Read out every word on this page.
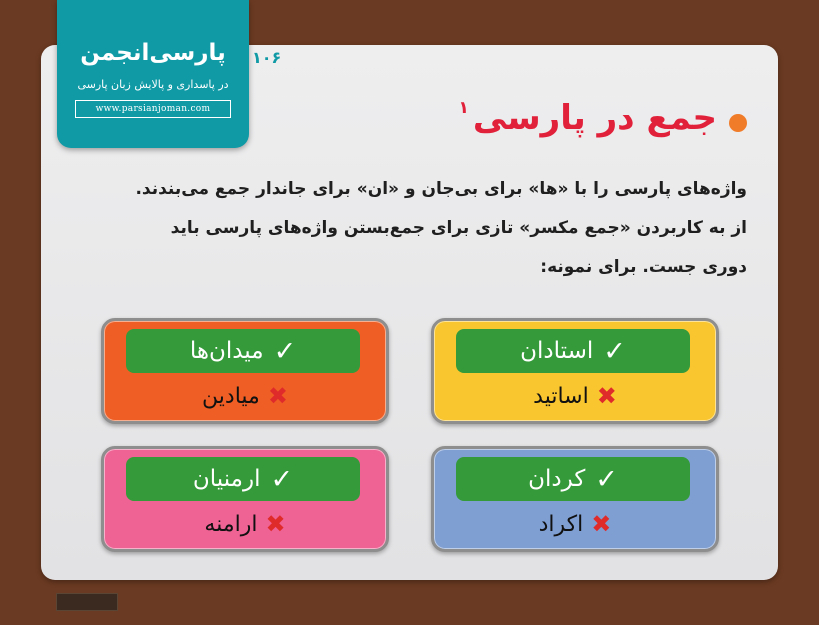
پارسی‌انجمن
در پاسداری و پالایش زبان پارسی
www.parsianjoman.com
۱۰۶
جمع در پارسی
۱
واژه‌های پارسی را با «ها» برای بی‌جان و «ان» برای جاندار جمع می‌بندند.
از به کاربردن «جمع مکسر» تازی برای جمع‌بستن واژه‌های پارسی باید
دوری جست. برای نمونه:
✓
استادان
✖
اساتید
✓
میدان‌ها
✖
میادین
✓
کردان
✖
اکراد
✓
ارمنیان
✖
ارامنه
